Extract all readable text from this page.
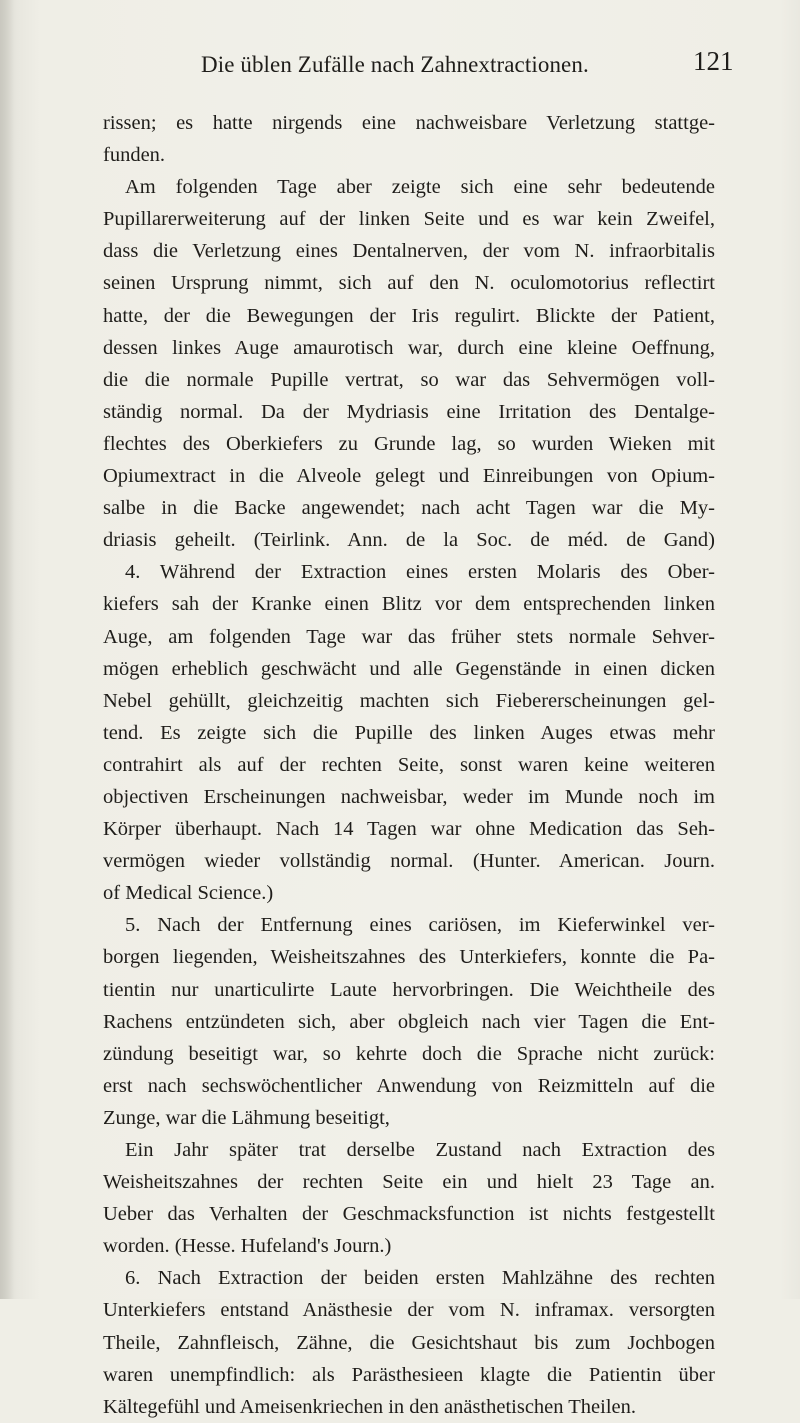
Die üblen Zufälle nach Zahnextractionen.	121
rissen; es hatte nirgends eine nachweisbare Verletzung stattge-
funden.
Am folgenden Tage aber zeigte sich eine sehr bedeutende
Pupillarerweiterung auf der linken Seite und es war kein Zweifel,
dass die Verletzung eines Dentalnerven, der vom N. infraorbitalis
seinen Ursprung nimmt, sich auf den N. oculomotorius reflectirt
hatte, der die Bewegungen der Iris regulirt. Blickte der Patient,
dessen linkes Auge amaurotisch war, durch eine kleine Oeffnung,
die die normale Pupille vertrat, so war das Sehvermögen voll-
ständig normal. Da der Mydriasis eine Irritation des Dentalge-
flechtes des Oberkiefers zu Grunde lag, so wurden Wieken mit
Opiumextract in die Alveole gelegt und Einreibungen von Opium-
salbe in die Backe angewendet; nach acht Tagen war die My-
driasis geheilt. (Teirlink. Ann. de la Soc. de méd. de Gand)
4. Während der Extraction eines ersten Molaris des Ober-
kiefers sah der Kranke einen Blitz vor dem entsprechenden linken
Auge, am folgenden Tage war das früher stets normale Sehver-
mögen erheblich geschwächt und alle Gegenstände in einen dicken
Nebel gehüllt, gleichzeitig machten sich Fiebererscheinungen gel-
tend. Es zeigte sich die Pupille des linken Auges etwas mehr
contrahirt als auf der rechten Seite, sonst waren keine weiteren
objectiven Erscheinungen nachweisbar, weder im Munde noch im
Körper überhaupt. Nach 14 Tagen war ohne Medication das Seh-
vermögen wieder vollständig normal. (Hunter. American. Journ.
of Medical Science.)
5. Nach der Entfernung eines cariösen, im Kieferwinkel ver-
borgen liegenden, Weisheitszahnes des Unterkiefers, konnte die Pa-
tientin nur unarticulirte Laute hervorbringen. Die Weichtheile des
Rachens entzündeten sich, aber obgleich nach vier Tagen die Ent-
zündung beseitigt war, so kehrte doch die Sprache nicht zurück:
erst nach sechswöchentlicher Anwendung von Reizmitteln auf die
Zunge, war die Lähmung beseitigt,
Ein Jahr später trat derselbe Zustand nach Extraction des
Weisheitszahnes der rechten Seite ein und hielt 23 Tage an.
Ueber das Verhalten der Geschmacksfunction ist nichts festgestellt
worden. (Hesse. Hufeland's Journ.)
6. Nach Extraction der beiden ersten Mahlzähne des rechten
Unterkiefers entstand Anästhesie der vom N. inframax. versorgten
Theile, Zahnfleisch, Zähne, die Gesichtshaut bis zum Jochbogen
waren unempfindlich: als Parästhesieen klagte die Patientin über
Kältegefühl und Ameisenkriechen in den anästhetischen Theilen.
